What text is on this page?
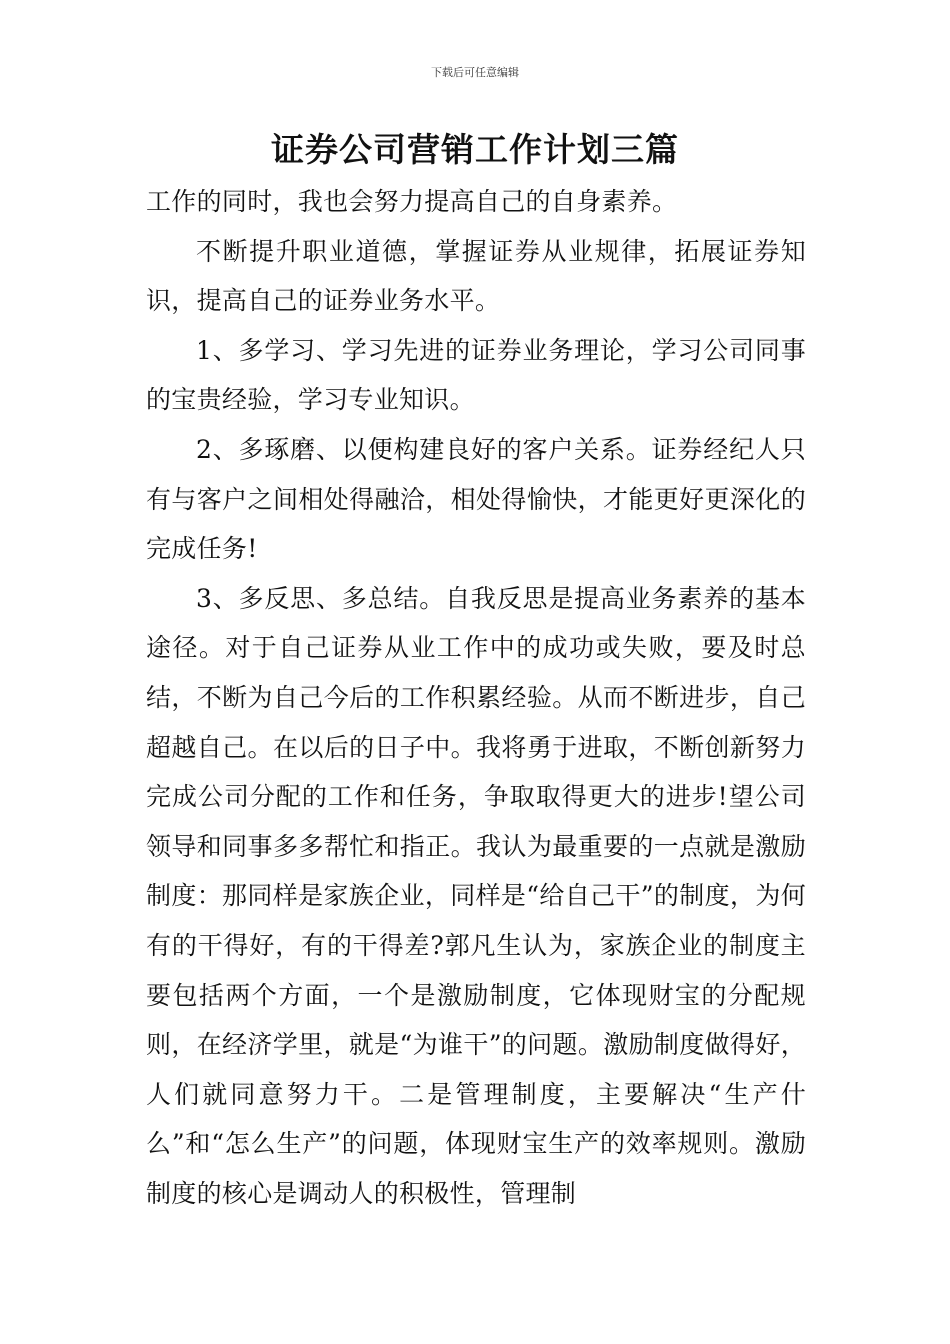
下载后可任意编辑
证券公司营销工作计划三篇

工作的同时，我也会努力提高自己的自身素养。

不断提升职业道德，掌握证券从业规律，拓展证券知识，提高自己的证券业务水平。

1、多学习、学习先进的证券业务理论，学习公司同事的宝贵经验，学习专业知识。

2、多琢磨、以便构建良好的客户关系。证券经纪人只有与客户之间相处得融洽，相处得愉快，才能更好更深化的完成任务!

3、多反思、多总结。自我反思是提高业务素养的基本途径。对于自己证券从业工作中的成功或失败，要及时总结，不断为自己今后的工作积累经验。从而不断进步，自己超越自己。在以后的日子中。我将勇于进取，不断创新努力完成公司分配的工作和任务，争取取得更大的进步!望公司领导和同事多多帮忙和指正。我认为最重要的一点就是激励制度：那同样是家族企业，同样是“给自己干”的制度，为何有的干得好，有的干得差?郭凡生认为，家族企业的制度主要包括两个方面，一个是激励制度，它体现财宝的分配规则，在经济学里，就是“为谁干”的问题。激励制度做得好，人们就同意努力干。二是管理制度，主要解决“生产什么”和“怎么生产”的问题，体现财宝生产的效率规则。激励制度的核心是调动人的积极性，管理制
